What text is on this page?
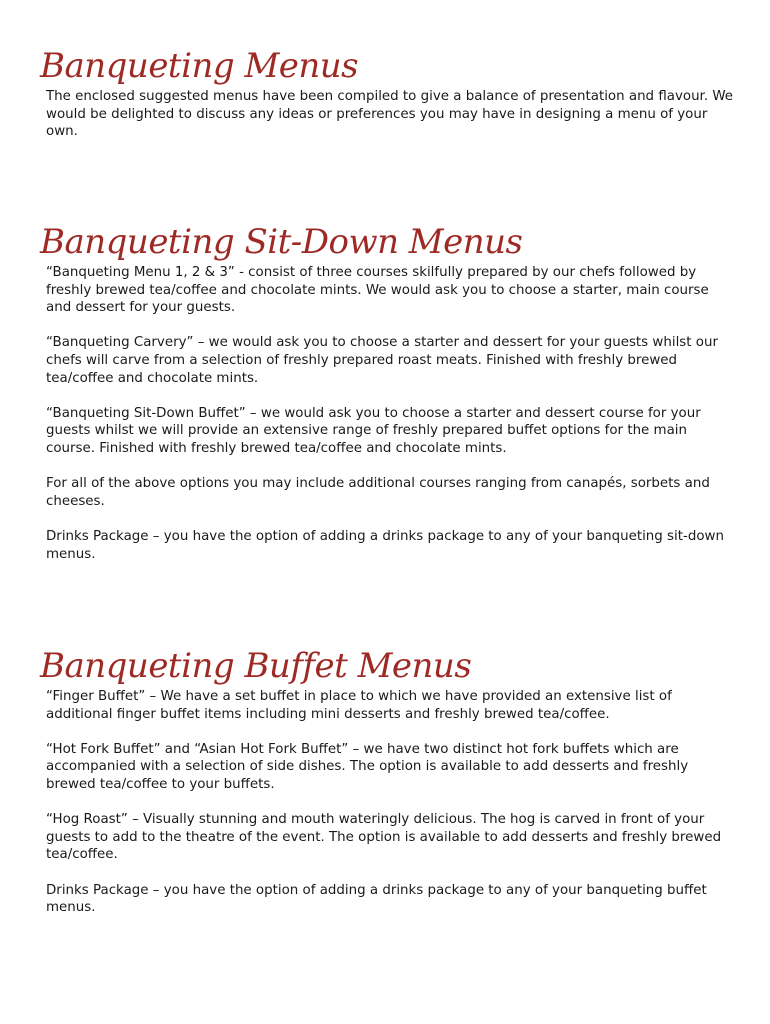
Banqueting Menus

The enclosed suggested menus have been compiled to give a balance of presentation and flavour. We would be delighted to discuss any ideas or preferences you may have in designing a menu of your own.

Banqueting Sit-Down Menus

“Banqueting Menu 1, 2 & 3” - consist of three courses skilfully prepared by our chefs followed by freshly brewed tea/coffee and chocolate mints. We would ask you to choose a starter, main course and dessert for your guests.

“Banqueting Carvery” – we would ask you to choose a starter and dessert for your guests whilst our chefs will carve from a selection of freshly prepared roast meats. Finished with freshly brewed tea/coffee and chocolate mints.

“Banqueting Sit-Down Buffet” – we would ask you to choose a starter and dessert course for your guests whilst we will provide an extensive range of freshly prepared buffet options for the main course. Finished with freshly brewed tea/coffee and chocolate mints.

For all of the above options you may include additional courses ranging from canapés, sorbets and cheeses.

Drinks Package – you have the option of adding a drinks package to any of your banqueting sit-down menus.

Banqueting Buffet Menus

“Finger Buffet” – We have a set buffet in place to which we have provided an extensive list of additional finger buffet items including mini desserts and freshly brewed tea/coffee.

“Hot Fork Buffet” and “Asian Hot Fork Buffet” – we have two distinct hot fork buffets which are accompanied with a selection of side dishes. The option is available to add desserts and freshly brewed tea/coffee to your buffets.

“Hog Roast” – Visually stunning and mouth wateringly delicious. The hog is carved in front of your guests to add to the theatre of the event. The option is available to add desserts and freshly brewed tea/coffee.

Drinks Package – you have the option of adding a drinks package to any of your banqueting buffet menus.
